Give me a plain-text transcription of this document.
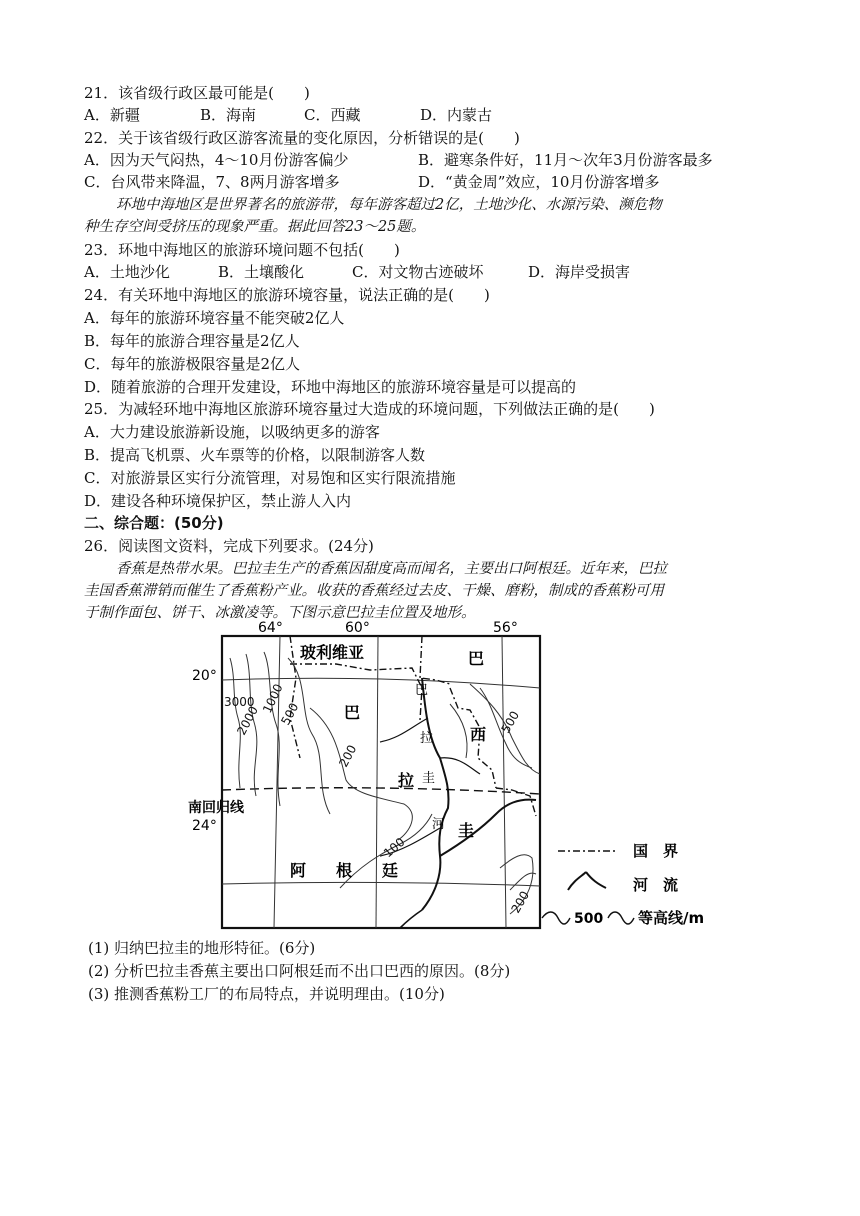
21．该省级行政区最可能是(　　)
A．新疆	B．海南	C．西藏	D．内蒙古
22．关于该省级行政区游客流量的变化原因，分析错误的是(　　)
A．因为天气闷热，4～10月份游客偏少	B．避寒条件好，11月～次年3月份游客最多
C．台风带来降温，7、8两月游客增多	D．“黄金周”效应，10月份游客增多
环地中海地区是世界著名的旅游带，每年游客超过2亿，土地沙化、水源污染、濒危物
种生存空间受挤压的现象严重。据此回答23～25题。
23．环地中海地区的旅游环境问题不包括(　　)
A．土地沙化	B．土壤酸化	C．对文物古迹破坏	D．海岸受损害
24．有关环地中海地区的旅游环境容量，说法正确的是(　　)
A．每年的旅游环境容量不能突破2亿人
B．每年的旅游合理容量是2亿人
C．每年的旅游极限容量是2亿人
D．随着旅游的合理开发建设，环地中海地区的旅游环境容量是可以提高的
25．为减轻环地中海地区旅游环境容量过大造成的环境问题，下列做法正确的是(　　)
A．大力建设旅游新设施，以吸纳更多的游客
B．提高飞机票、火车票等的价格，以限制游客人数
C．对旅游景区实行分流管理，对易饱和区实行限流措施
D．建设各种环境保护区，禁止游人入内
二、综合题：(50分)
26．阅读图文资料，完成下列要求。(24分)
香蕉是热带水果。巴拉圭生产的香蕉因甜度高而闻名，主要出口阿根廷。近年来，巴拉
圭国香蕉滞销而催生了香蕉粉产业。收获的香蕉经过去皮、干燥、磨粉，制成的香蕉粉可用
于制作面包、饼干、冰激凌等。下图示意巴拉圭位置及地形。
64°	60°	56°
20°
南回归线
24°
3000
2000
1000
500
200
100
500
200
玻利维亚	巴
西
巴
拉
圭
阿 根 廷
巴
拉
圭
河
国　界
河　流
500 等高线/m
(1) 归纳巴拉圭的地形特征。(6分)
(2) 分析巴拉圭香蕉主要出口阿根廷而不出口巴西的原因。(8分)
(3) 推测香蕉粉工厂的布局特点，并说明理由。(10分)
